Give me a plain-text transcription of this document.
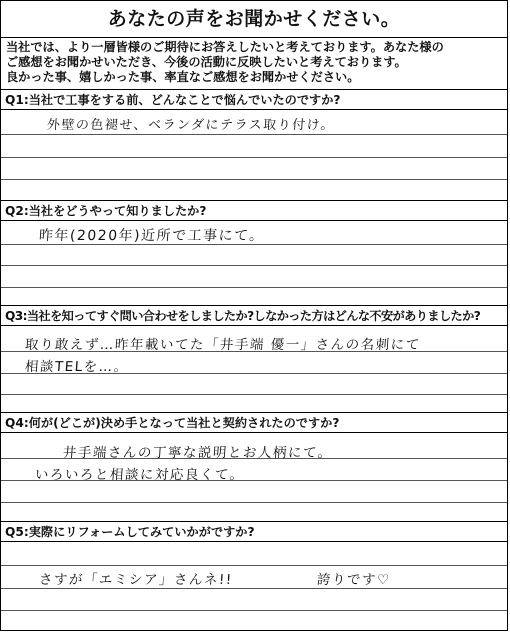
あなたの声をお聞かせください。
当社では、より一層皆様のご期待にお答えしたいと考えております。あなた様の
ご感想をお聞かせいただき、今後の活動に反映したいと考えております。
良かった事、嬉しかった事、率直なご感想をお聞かせください。
Q1:当社で工事をする前、どんなことで悩んでいたのですか?
外壁の色褪せ、ベランダにテラス取り付け。
Q2:当社をどうやって知りましたか?
昨年(2020年)近所で工事にて。
Q3:当社を知ってすぐ問い合わせをしましたか?しなかった方はどんな不安がありましたか?
取り敢えず…昨年載いてた「井手端 優一」さんの名刺にて
相談TELを…。
Q4:何が(どこが)決め手となって当社と契約されたのですか?
井手端さんの丁寧な説明とお人柄にて。
いろいろと相談に対応良くて。
Q5:実際にリフォームしてみていかがですか?
さすが「エミシア」さんネ!!	誇りです♡
